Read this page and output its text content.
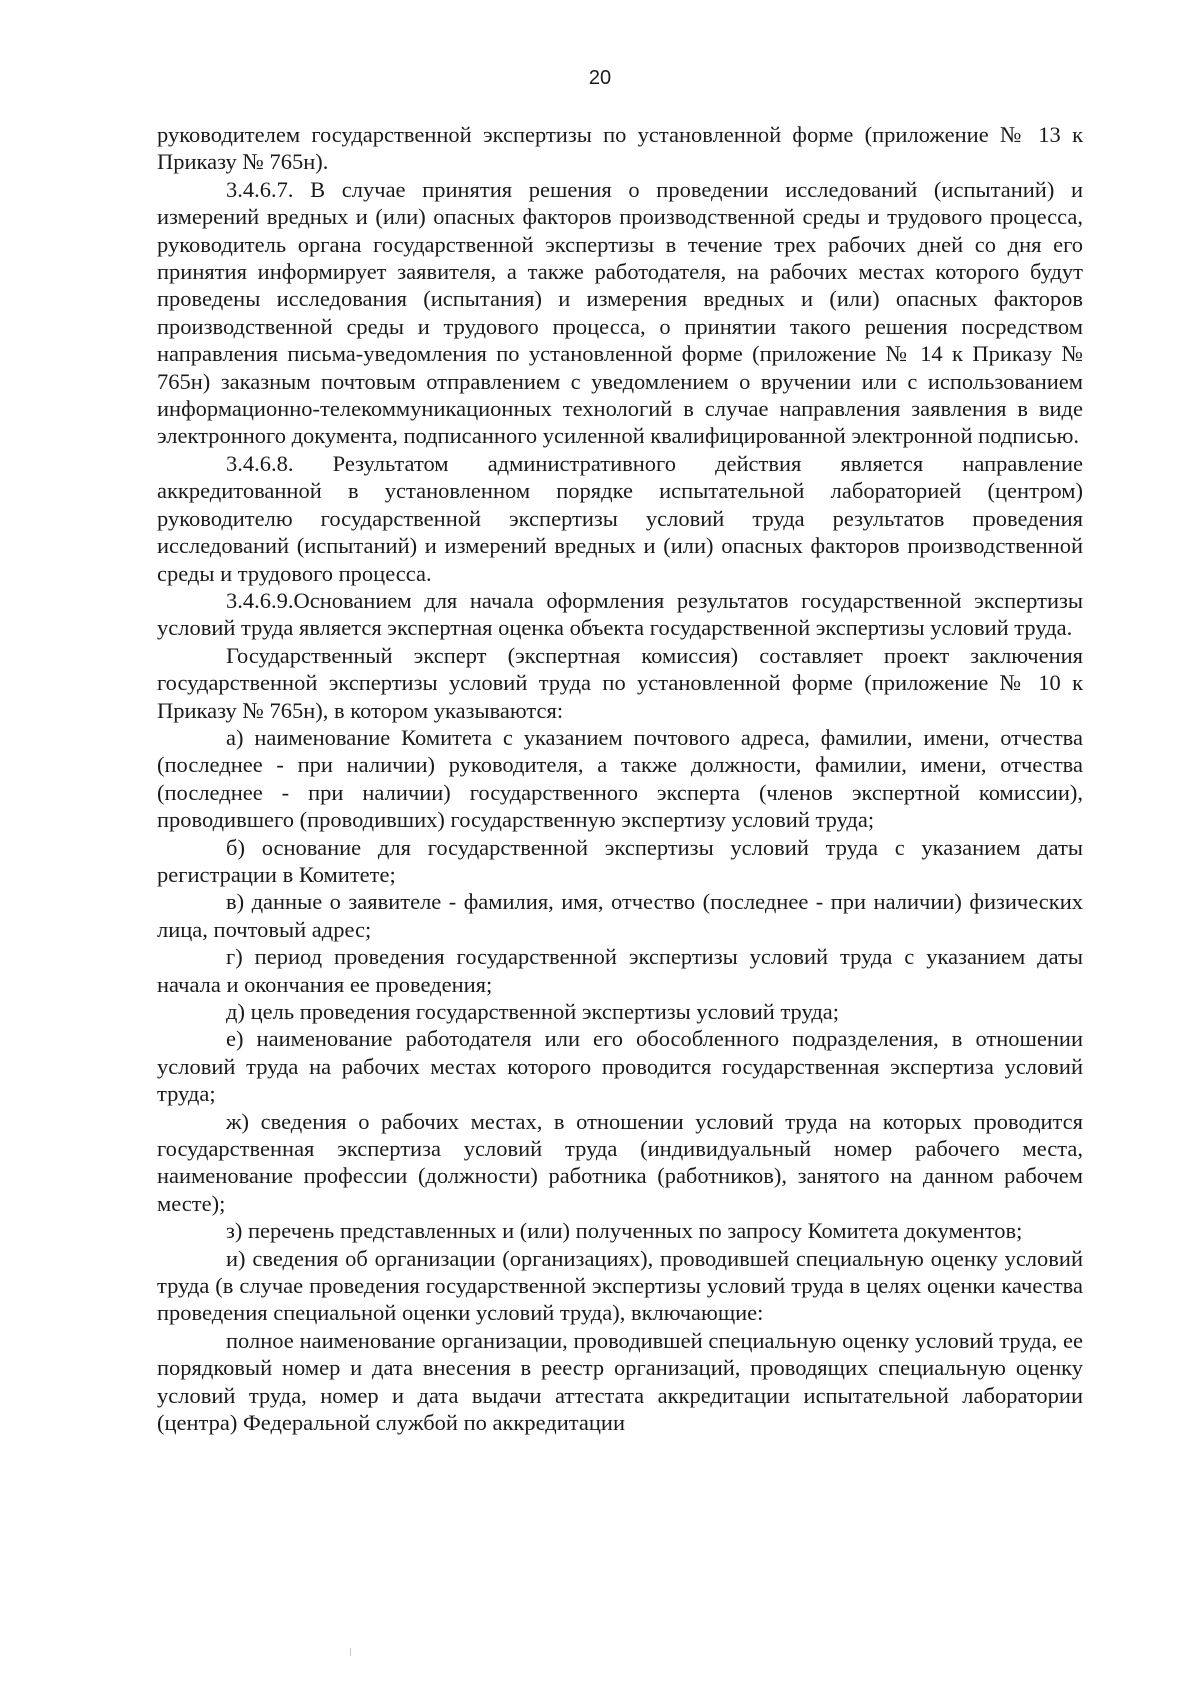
20

руководителем государственной экспертизы по установленной форме (приложение № 13 к Приказу № 765н).

3.4.6.7. В случае принятия решения о проведении исследований (испытаний) и измерений вредных и (или) опасных факторов производственной среды и трудового процесса, руководитель органа государственной экспертизы в течение трех рабочих дней со дня его принятия информирует заявителя, а также работодателя, на рабочих местах которого будут проведены исследования (испытания) и измерения вредных и (или) опасных факторов производственной среды и трудового процесса, о принятии такого решения посредством направления письма-уведомления по установленной форме (приложение № 14 к Приказу № 765н) заказным почтовым отправлением с уведомлением о вручении или с использованием информационно-телекоммуникационных технологий в случае направления заявления в виде электронного документа, подписанного усиленной квалифицированной электронной подписью.

3.4.6.8. Результатом административного действия является направление аккредитованной в установленном порядке испытательной лабораторией (центром) руководителю государственной экспертизы условий труда результатов проведения исследований (испытаний) и измерений вредных и (или) опасных факторов производственной среды и трудового процесса.

3.4.6.9.Основанием для начала оформления результатов государственной экспертизы условий труда является экспертная оценка объекта государственной экспертизы условий труда.

Государственный эксперт (экспертная комиссия) составляет проект заключения государственной экспертизы условий труда по установленной форме (приложение № 10 к Приказу № 765н), в котором указываются:

а) наименование Комитета с указанием почтового адреса, фамилии, имени, отчества (последнее - при наличии) руководителя, а также должности, фамилии, имени, отчества (последнее - при наличии) государственного эксперта (членов экспертной комиссии), проводившего (проводивших) государственную экспертизу условий труда;

б) основание для государственной экспертизы условий труда с указанием даты регистрации в Комитете;

в) данные о заявителе - фамилия, имя, отчество (последнее - при наличии) физических лица, почтовый адрес;

г) период проведения государственной экспертизы условий труда с указанием даты начала и окончания ее проведения;

д) цель проведения государственной экспертизы условий труда;

е) наименование работодателя или его обособленного подразделения, в отношении условий труда на рабочих местах которого проводится государственная экспертиза условий труда;

ж) сведения о рабочих местах, в отношении условий труда на которых проводится государственная экспертиза условий труда (индивидуальный номер рабочего места, наименование профессии (должности) работника (работников), занятого на данном рабочем месте);

з) перечень представленных и (или) полученных по запросу Комитета документов;

и) сведения об организации (организациях), проводившей специальную оценку условий труда (в случае проведения государственной экспертизы условий труда в целях оценки качества проведения специальной оценки условий труда), включающие:

полное наименование организации, проводившей специальную оценку условий труда, ее порядковый номер и дата внесения в реестр организаций, проводящих специальную оценку условий труда, номер и дата выдачи аттестата аккредитации испытательной лаборатории (центра) Федеральной службой по аккредитации
